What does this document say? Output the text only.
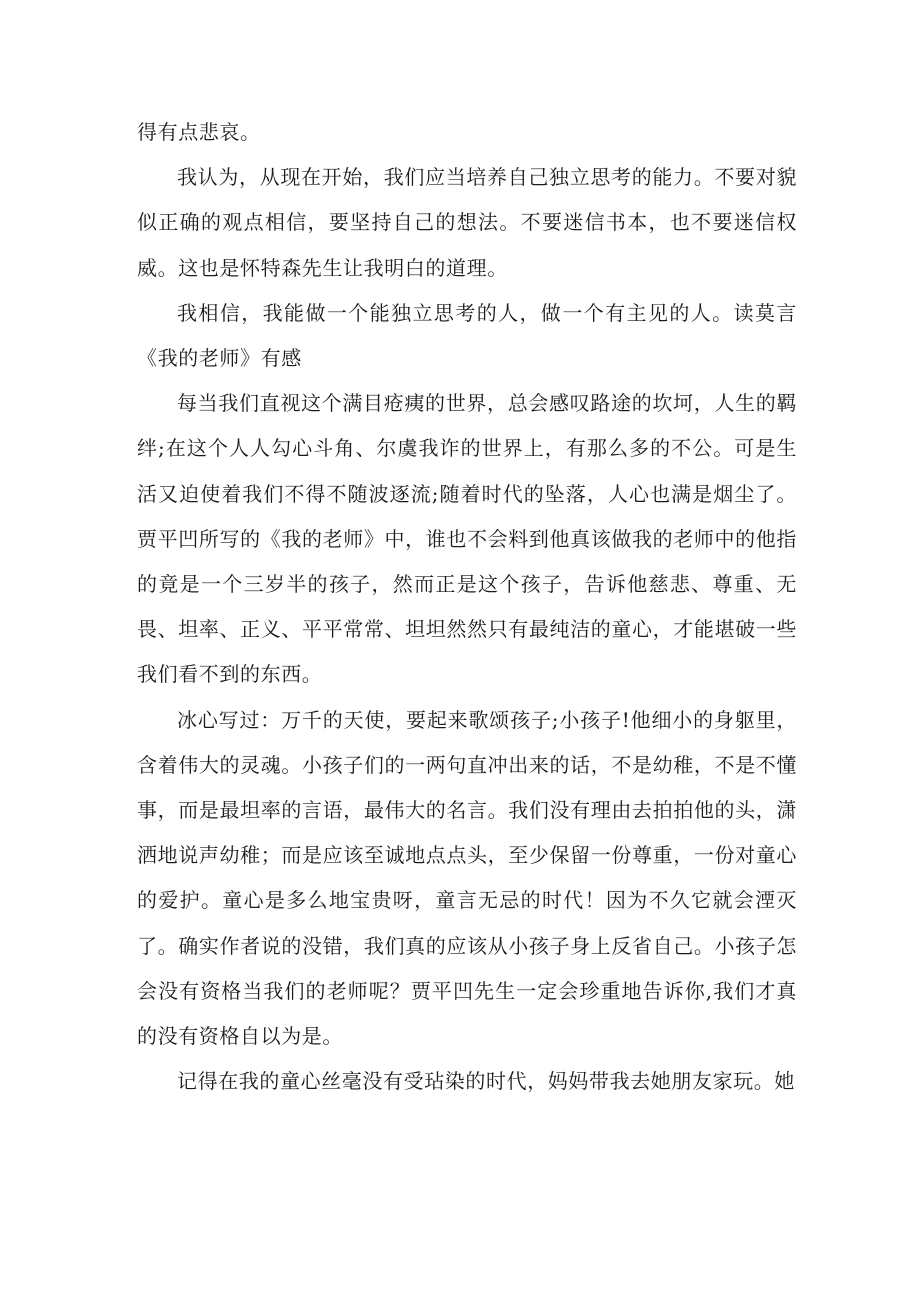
得有点悲哀。

我认为，从现在开始，我们应当培养自己独立思考的能力。不要对貌似正确的观点相信，要坚持自己的想法。不要迷信书本，也不要迷信权威。这也是怀特森先生让我明白的道理。

我相信，我能做一个能独立思考的人，做一个有主见的人。读莫言《我的老师》有感

每当我们直视这个满目疮痍的世界，总会感叹路途的坎坷，人生的羁绊;在这个人人勾心斗角、尔虞我诈的世界上，有那么多的不公。可是生活又迫使着我们不得不随波逐流;随着时代的坠落，人心也满是烟尘了。贾平凹所写的《我的老师》中，谁也不会料到他真该做我的老师中的他指的竟是一个三岁半的孩子，然而正是这个孩子，告诉他慈悲、尊重、无畏、坦率、正义、平平常常、坦坦然然只有最纯洁的童心，才能堪破一些我们看不到的东西。

冰心写过：万千的天使，要起来歌颂孩子;小孩子!他细小的身躯里，含着伟大的灵魂。小孩子们的一两句直冲出来的话，不是幼稚，不是不懂事，而是最坦率的言语，最伟大的名言。我们没有理由去拍拍他的头，潇洒地说声幼稚；而是应该至诚地点点头，至少保留一份尊重，一份对童心的爱护。童心是多么地宝贵呀，童言无忌的时代！因为不久它就会湮灭了。确实作者说的没错，我们真的应该从小孩子身上反省自己。小孩子怎会没有资格当我们的老师呢？贾平凹先生一定会珍重地告诉你,我们才真的没有资格自以为是。

记得在我的童心丝毫没有受玷染的时代，妈妈带我去她朋友家玩。她
